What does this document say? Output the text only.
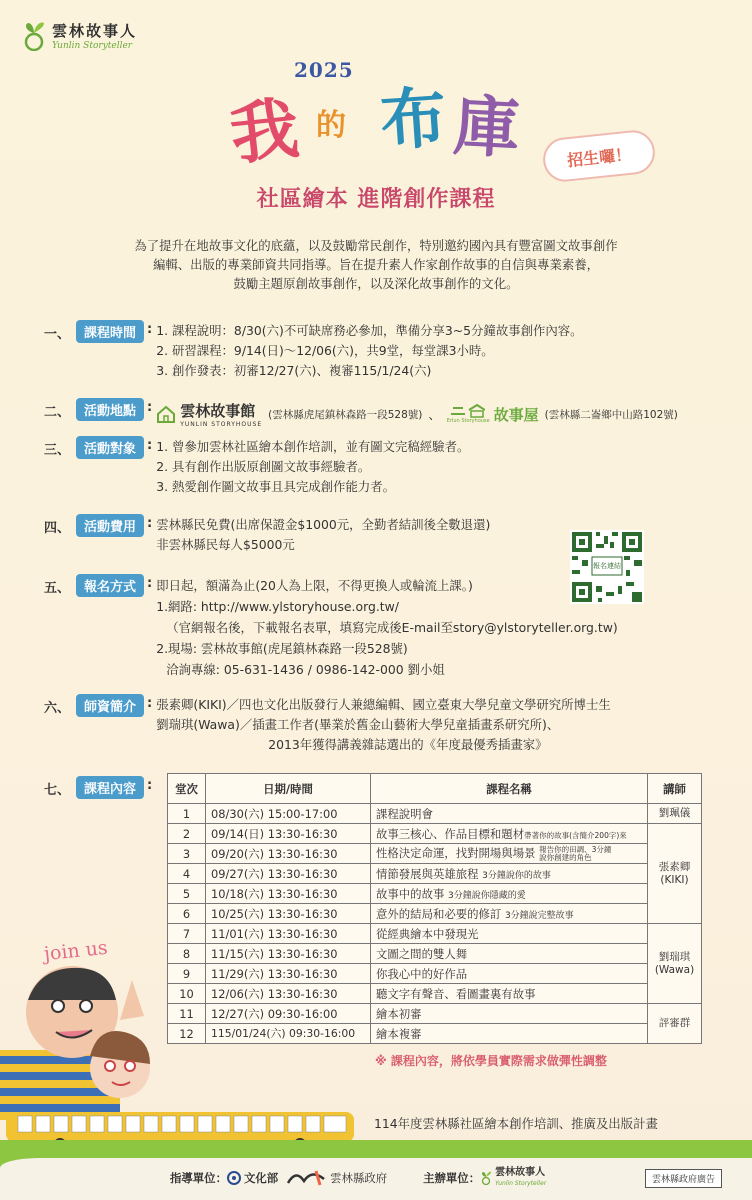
雲林故事人
Yunlin Storyteller
2025
我 的 布 庫	招生囉！
社區繪本 進階創作課程
為了提升在地故事文化的底蘊，以及鼓勵常民創作，特別邀約國內具有豐富圖文故事創作
編輯、出版的專業師資共同指導。旨在提升素人作家創作故事的自信與專業素養，
鼓勵主題原創故事創作，以及深化故事創作的文化。
一、	課程時間 : 1. 課程說明：8/30(六)不可缺席務必參加，準備分享3~5分鐘故事創作內容。
2. 研習課程：9/14(日)～12/06(六)，共9堂，每堂課3小時。
3. 創作發表：初審12/27(六)、複審115/1/24(六)
二、	活動地點 : 雲林故事館
YUNLIN STORYHOUSE
(雲林縣虎尾鎮林森路一段528號) 、 Erlun Storyhouse 故事屋 (雲林縣二崙鄉中山路102號)
三、	活動對象 : 1. 曾參加雲林社區繪本創作培訓，並有圖文完稿經驗者。
2. 具有創作出版原創圖文故事經驗者。
3. 熱愛創作圖文故事且具完成創作能力者。
四、	活動費用 : 雲林縣民免費(出席保證金$1000元，全勤者結訓後全數退還)
非雲林縣民每人$5000元
報名連結
五、	報名方式 : 即日起，額滿為止(20人為上限，不得更換人或輪流上課。)
1.網路: http://www.ylstoryhouse.org.tw/
（官網報名後，下載報名表單，填寫完成後E-mail至story@ylstoryteller.org.tw)
2.現場: 雲林故事館(虎尾鎮林森路一段528號)
洽詢專線: 05-631-1436 / 0986-142-000 劉小姐
六、	師資簡介 : 張素卿(KIKI)／四也文化出版發行人兼總編輯、國立臺東大學兒童文學研究所博士生
劉瑞琪(Wawa)／插畫工作者(畢業於舊金山藝術大學兒童插畫系研究所)、
2013年獲得講義雜誌選出的《年度最優秀插畫家》
七、	課程內容 :	堂次	日期/時間	課程名稱	講師
1	08/30(六) 15:00-17:00	課程說明會	劉珮儀
2	09/14(日) 13:30-16:30	故事三核心、作品目標和題材帶著你的故事(含簡介200字)來	張素卿
(KIKI)

3	09/20(六) 13:30-16:30	性格決定命運，找對開場與場景 報告你的田調、3分鐘說你創建的角色	
4	09/27(六) 13:30-16:30	情節發展與英雄旅程 3分鐘說你的故事	
5	10/18(六) 13:30-16:30	故事中的故事 3分鐘說你隱藏的愛	
6	10/25(六) 13:30-16:30	意外的結局和必要的修訂 3分鐘說完整故事	
7	11/01(六) 13:30-16:30	從經典繪本中發現光	劉瑞琪
(Wawa)

8	11/15(六) 13:30-16:30	文圖之間的雙人舞	
9	11/29(六) 13:30-16:30	你我心中的好作品	
10	12/06(六) 13:30-16:30	聽文字有聲音、看圖畫裏有故事	
11	12/27(六) 09:30-16:00	繪本初審	評審群
12	115/01/24(六) 09:30-16:00	繪本複審	
※ 課程內容，將依學員實際需求做彈性調整
join us
114年度雲林縣社區繪本創作培訓、推廣及出版計畫
指導單位： 文化部	雲林縣政府	主辦單位： 雲林故事人
Yunlin Storyteller	雲林縣政府廣告
